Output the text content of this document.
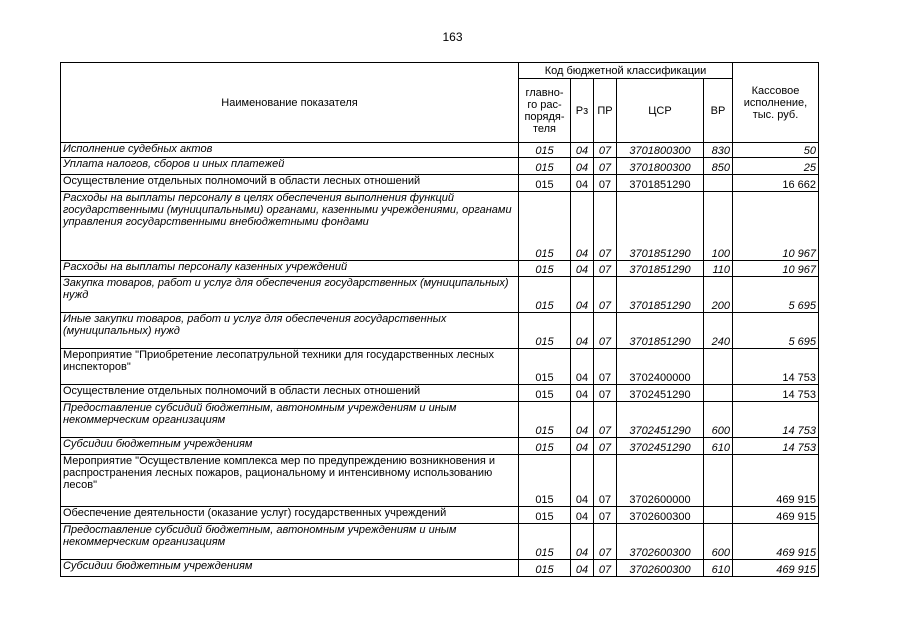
163
Наименование показателя	Код бюджетной классификации					Кассовое исполнение, тыс. руб.
	главно-го рас-порядя-теля	Рз	ПР	ЦСР	ВР	
Исполнение судебных актов	015	04	07	3701800300	830	50
Уплата налогов, сборов и иных платежей	015	04	07	3701800300	850	25
Осуществление отдельных полномочий в области лесных отношений	015	04	07	3701851290		16 662
Расходы на выплаты персоналу в целях обеспечения выполнения функций государственными (муниципальными) органами, казенными учреждениями, органами управления государственными внебюджетными фондами	015	04	07	3701851290	100	10 967
Расходы на выплаты персоналу казенных учреждений	015	04	07	3701851290	110	10 967
Закупка товаров, работ и услуг для обеспечения государственных (муниципальных) нужд	015	04	07	3701851290	200	5 695
Иные закупки товаров, работ и услуг для обеспечения государственных (муниципальных) нужд	015	04	07	3701851290	240	5 695
Мероприятие "Приобретение лесопатрульной техники для государственных лесных инспекторов"	015	04	07	3702400000		14 753
Осуществление отдельных полномочий в области лесных отношений	015	04	07	3702451290		14 753
Предоставление субсидий бюджетным, автономным учреждениям и иным некоммерческим организациям	015	04	07	3702451290	600	14 753
Субсидии бюджетным учреждениям	015	04	07	3702451290	610	14 753
Мероприятие "Осуществление комплекса мер по предупреждению возникновения и распространения лесных пожаров, рациональному и интенсивному использованию лесов"	015	04	07	3702600000		469 915
Обеспечение деятельности (оказание услуг) государственных учреждений	015	04	07	3702600300		469 915
Предоставление субсидий бюджетным, автономным учреждениям и иным некоммерческим организациям	015	04	07	3702600300	600	469 915
Субсидии бюджетным учреждениям	015	04	07	3702600300	610	469 915
